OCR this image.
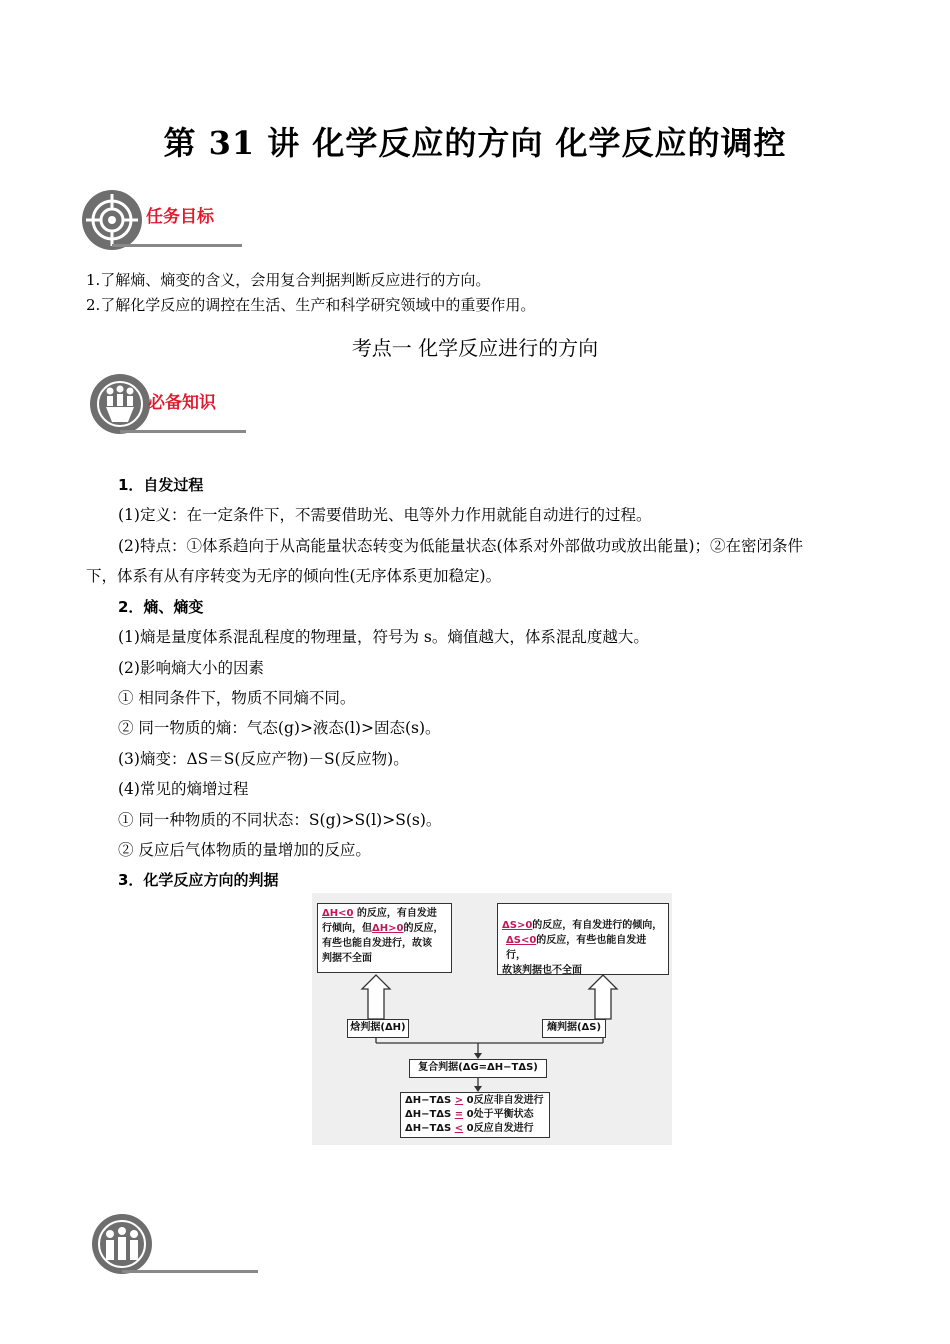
第 31 讲 化学反应的方向 化学反应的调控
任务目标
1.了解熵、熵变的含义，会用复合判据判断反应进行的方向。
2.了解化学反应的调控在生活、生产和科学研究领域中的重要作用。
考点一 化学反应进行的方向
必备知识
1．自发过程
(1)定义：在一定条件下，不需要借助光、电等外力作用就能自动进行的过程。
(2)特点：①体系趋向于从高能量状态转变为低能量状态(体系对外部做功或放出能量)；②在密闭条件
下，体系有从有序转变为无序的倾向性(无序体系更加稳定)。
2．熵、熵变
(1)熵是量度体系混乱程度的物理量，符号为 s。熵值越大，体系混乱度越大。
(2)影响熵大小的因素
① 相同条件下，物质不同熵不同。
② 同一物质的熵：气态(g)>液态(l)>固态(s)。
(3)熵变：ΔS＝S(反应产物)－S(反应物)。
(4)常见的熵增过程
① 同一种物质的不同状态：S(g)>S(l)>S(s)。
② 反应后气体物质的量增加的反应。
3．化学反应方向的判据
ΔH<0 的反应，有自发进
行倾向，但ΔH>0的反应，
有些也能自发进行，故该
判据不全面
ΔS>0的反应，有自发进行的倾向，
ΔS<0的反应，有些也能自发进行，
故该判据也不全面
焓判据(ΔH)	熵判据(ΔS)
复合判据(ΔG=ΔH−TΔS)
ΔH−TΔS > 0反应非自发进行
ΔH−TΔS = 0处于平衡状态
ΔH−TΔS < 0反应自发进行
